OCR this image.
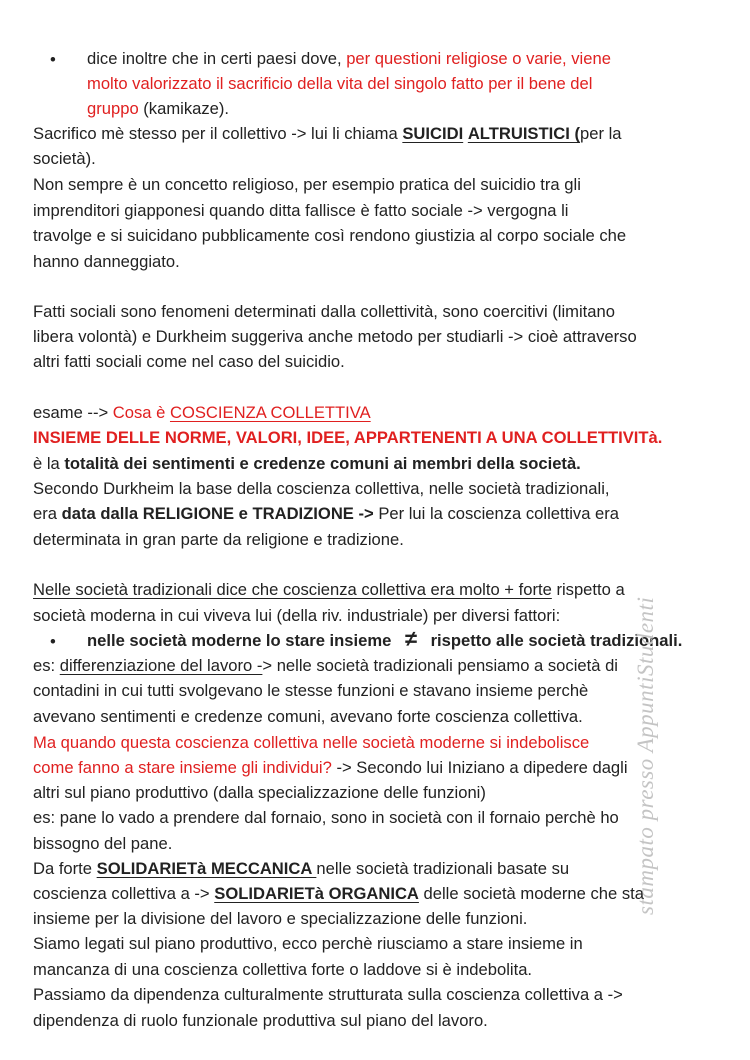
• dice inoltre che in certi paesi dove, per questioni religiose o varie, viene
molto valorizzato il sacrificio della vita del singolo fatto per il bene del
gruppo (kamikaze).
Sacrifico mè stesso per il collettivo -> lui li chiama SUICIDI ALTRUISTICI (per la
società).
Non sempre è un concetto religioso, per esempio pratica del suicidio tra gli
imprenditori giapponesi quando ditta fallisce è fatto sociale -> vergogna li
travolge e si suicidano pubblicamente così rendono giustizia al corpo sociale che
hanno danneggiato.
Fatti sociali sono fenomeni determinati dalla collettività, sono coercitivi (limitano
libera volontà) e Durkheim suggeriva anche metodo per studiarli -> cioè attraverso
altri fatti sociali come nel caso del suicidio.
esame --> Cosa è COSCIENZA COLLETTIVA
INSIEME DELLE NORME, VALORI, IDEE, APPARTENENTI A UNA COLLETTIVITà.
è la totalità dei sentimenti e credenze comuni ai membri della società.
Secondo Durkheim la base della coscienza collettiva, nelle società tradizionali,
era data dalla RELIGIONE e TRADIZIONE -> Per lui la coscienza collettiva era
determinata in gran parte da religione e tradizione.
Nelle società tradizionali dice che coscienza collettiva era molto + forte rispetto a
società moderna in cui viveva lui (della riv. industriale) per diversi fattori:
• nelle società moderne lo stare insieme ≠ rispetto alle società tradizionali.
es: differenziazione del lavoro -> nelle società tradizionali pensiamo a società di
contadini in cui tutti svolgevano le stesse funzioni e stavano insieme perchè
avevano sentimenti e credenze comuni, avevano forte coscienza collettiva.
Ma quando questa coscienza collettiva nelle società moderne si indebolisce
come fanno a stare insieme gli individui? -> Secondo lui Iniziano a dipedere dagli
altri sul piano produttivo (dalla specializzazione delle funzioni)
es: pane lo vado a prendere dal fornaio, sono in società con il fornaio perchè ho
bissogno del pane.
Da forte SOLIDARIETà MECCANICA nelle società tradizionali basate su
coscienza collettiva a -> SOLIDARIETà ORGANICA delle società moderne che sta
insieme per la divisione del lavoro e specializzazione delle funzioni.
Siamo legati sul piano produttivo, ecco perchè riusciamo a stare insieme in
mancanza di una coscienza collettiva forte o laddove si è indebolita.
Passiamo da dipendenza culturalmente strutturata sulla coscienza collettiva a ->
dipendenza di ruolo funzionale produttiva sul piano del lavoro.
stampato presso AppuntiStudenti
